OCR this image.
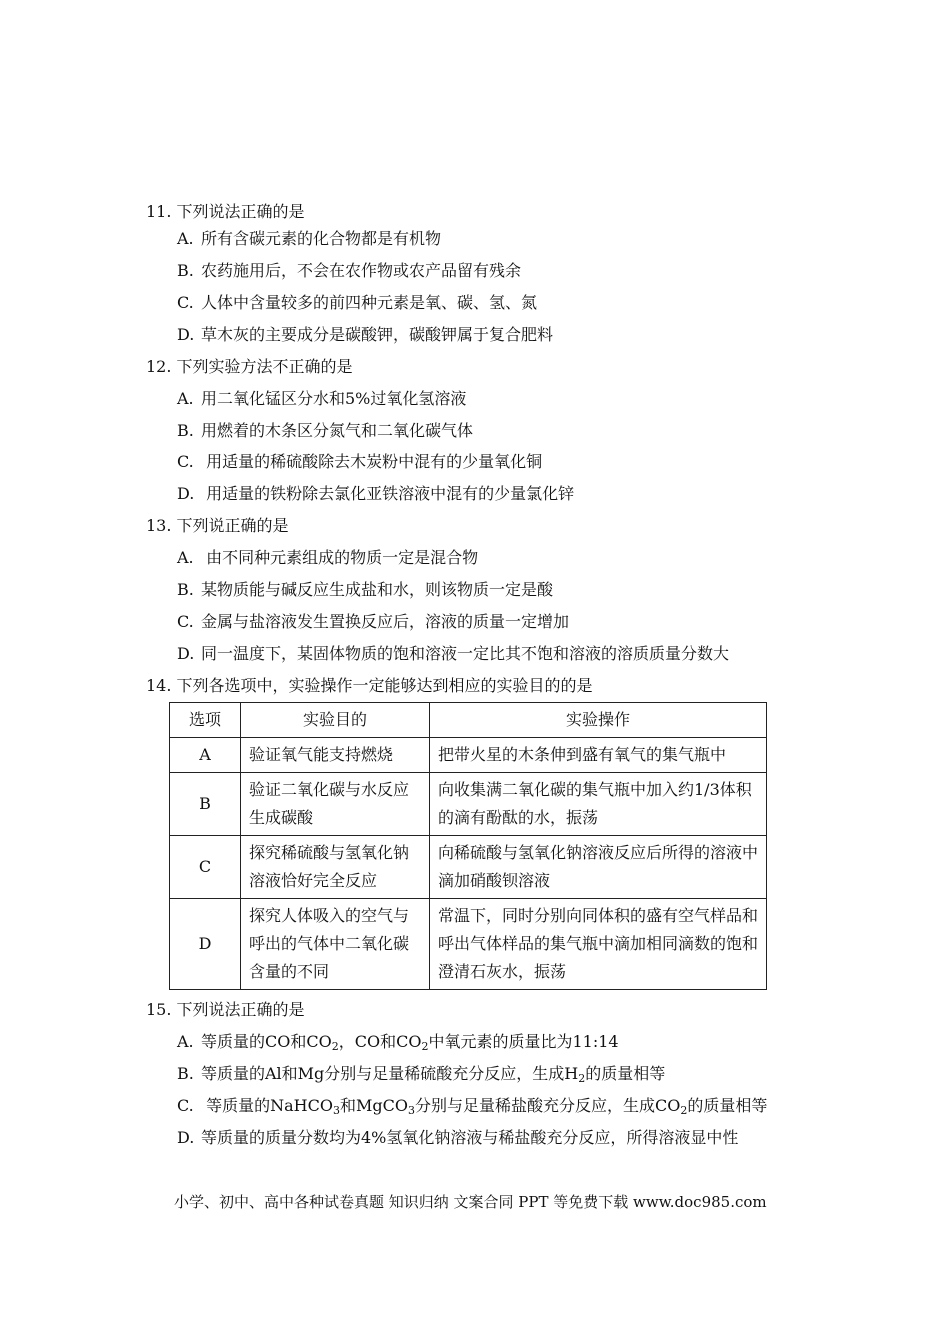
11. 下列说法正确的是
A. 所有含碳元素的化合物都是有机物
B. 农药施用后，不会在农作物或农产品留有残余
C. 人体中含量较多的前四种元素是氧、碳、氢、氮
D. 草木灰的主要成分是碳酸钾，碳酸钾属于复合肥料
12. 下列实验方法不正确的是
A. 用二氧化锰区分水和5%过氧化氢溶液
B. 用燃着的木条区分氮气和二氧化碳气体
C. 用适量的稀硫酸除去木炭粉中混有的少量氧化铜
D. 用适量的铁粉除去氯化亚铁溶液中混有的少量氯化锌
13. 下列说正确的是
A. 由不同种元素组成的物质一定是混合物
B. 某物质能与碱反应生成盐和水，则该物质一定是酸
C. 金属与盐溶液发生置换反应后，溶液的质量一定增加
D. 同一温度下，某固体物质的饱和溶液一定比其不饱和溶液的溶质质量分数大
14. 下列各选项中，实验操作一定能够达到相应的实验目的的是
选项	实验目的	实验操作
A	验证氧气能支持燃烧	把带火星的木条伸到盛有氧气的集气瓶中
B	验证二氧化碳与水反应生成碳酸	向收集满二氧化碳的集气瓶中加入约1/3体积的滴有酚酞的水，振荡
C	探究稀硫酸与氢氧化钠溶液恰好完全反应	向稀硫酸与氢氧化钠溶液反应后所得的溶液中滴加硝酸钡溶液
D	探究人体吸入的空气与呼出的气体中二氧化碳含量的不同	常温下，同时分别向同体积的盛有空气样品和呼出气体样品的集气瓶中滴加相同滴数的饱和澄清石灰水，振荡
15. 下列说法正确的是
A. 等质量的CO和$CO_2$，CO和$CO_2$中氧元素的质量比为11:14
B. 等质量的Al和Mg分别与足量稀硫酸充分反应，生成$H_2$的质量相等
C. 等质量的NaHCO$_3$和MgCO$_3$分别与足量稀盐酸充分反应，生成$CO_2$的质量相等
D. 等质量的质量分数均为4%氢氧化钠溶液与稀盐酸充分反应，所得溶液显中性
小学、初中、高中各种试卷真题 知识归纳 文案合同 PPT 等免费下载 www.doc985.com
